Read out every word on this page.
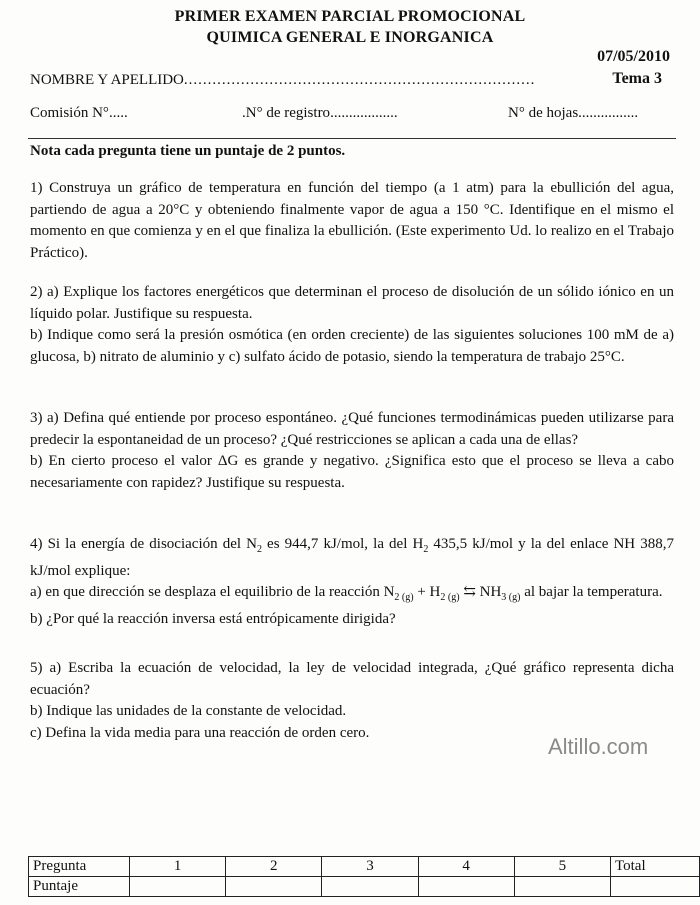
PRIMER EXAMEN PARCIAL PROMOCIONAL
QUIMICA GENERAL E INORGANICA
07/05/2010
Tema 3
NOMBRE Y APELLIDO..........................................................................
Comisión N°.....	.N° de registro..................	N° de hojas................
Nota cada pregunta tiene un puntaje de 2 puntos.

1) Construya un gráfico de temperatura en función del tiempo (a 1 atm) para la ebullición del agua, partiendo de agua a 20°C y obteniendo finalmente vapor de agua a 150 °C. Identifique en el mismo el momento en que comienza y en el que finaliza la ebullición. (Este experimento Ud. lo realizo en el Trabajo Práctico).

2) a) Explique los factores energéticos que determinan el proceso de disolución de un sólido iónico en un líquido polar. Justifique su respuesta.

b) Indique como será la presión osmótica (en orden creciente) de las siguientes soluciones 100 mM de a) glucosa, b) nitrato de aluminio y c) sulfato ácido de potasio, siendo la temperatura de trabajo 25°C.

3) a) Defina qué entiende por proceso espontáneo. ¿Qué funciones termodinámicas pueden utilizarse para predecir la espontaneidad de un proceso? ¿Qué restricciones se aplican a cada una de ellas?

b) En cierto proceso el valor ΔG es grande y negativo. ¿Significa esto que el proceso se lleva a cabo necesariamente con rapidez? Justifique su respuesta.

4) Si la energía de disociación del $N_2$ es 944,7 kJ/mol, la del $H_2$ 435,5 kJ/mol y la del enlace NH 388,7 kJ/mol explique:

a) en que dirección se desplaza el equilibrio de la reacción $N_{2 (g)} + H_{2 (g)}$ ⇆ $NH_{3 (g)}$ al bajar la temperatura.

b) ¿Por qué la reacción inversa está entrópicamente dirigida?

5) a) Escriba la ecuación de velocidad, la ley de velocidad integrada, ¿Qué gráfico representa dicha ecuación?

b) Indique las unidades de la constante de velocidad.

c) Defina la vida media para una reacción de orden cero.

Altillo.com
Pregunta	1	2	3	4	5	Total
Puntaje						
